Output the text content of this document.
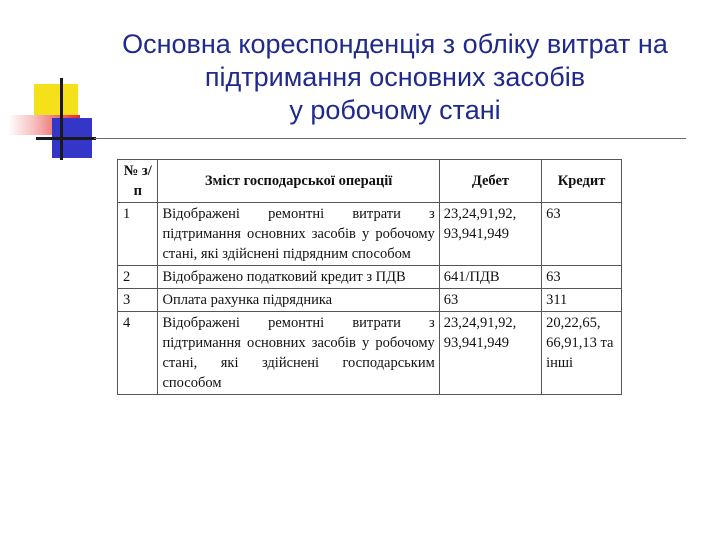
Основна кореспонденція з обліку витрат на
підтримання основних засобів
у робочому стані
№ з/п	Зміст господарської операції	Дебет	Кредит
1	Відображені ремонтні витрати з підтримання основних засобів у робочому стані, які здійснені підрядним способом	23,24,91,92, 93,941,949	63
2	Відображено податковий кредит з ПДВ	641/ПДВ	63
3	Оплата рахунка підрядника	63	311
4	Відображені ремонтні витрати з підтримання основних засобів у робочому стані, які здійснені господарським способом	23,24,91,92, 93,941,949	20,22,65, 66,91,13 та інші
